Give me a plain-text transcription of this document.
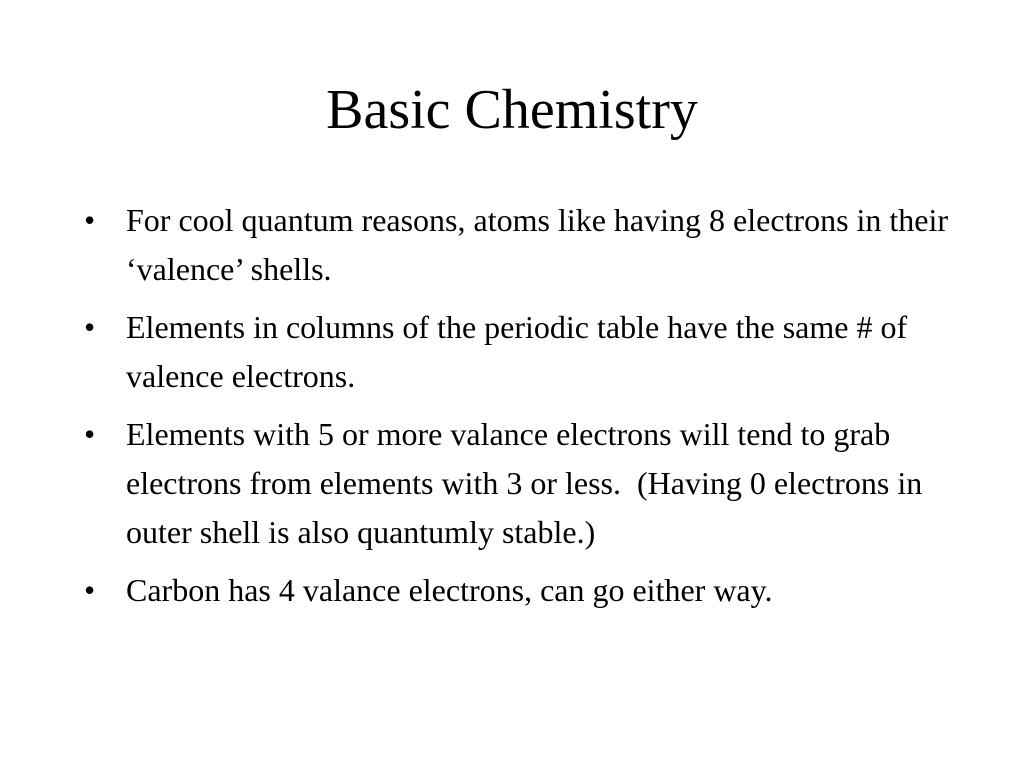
Basic Chemistry
• For cool quantum reasons, atoms like having 8 electrons in their ‘valence’ shells.
• Elements in columns of the periodic table have the same # of valence electrons.
• Elements with 5 or more valance electrons will tend to grab electrons from elements with 3 or less.  (Having 0 electrons in outer shell is also quantumly stable.)
• Carbon has 4 valance electrons, can go either way.
